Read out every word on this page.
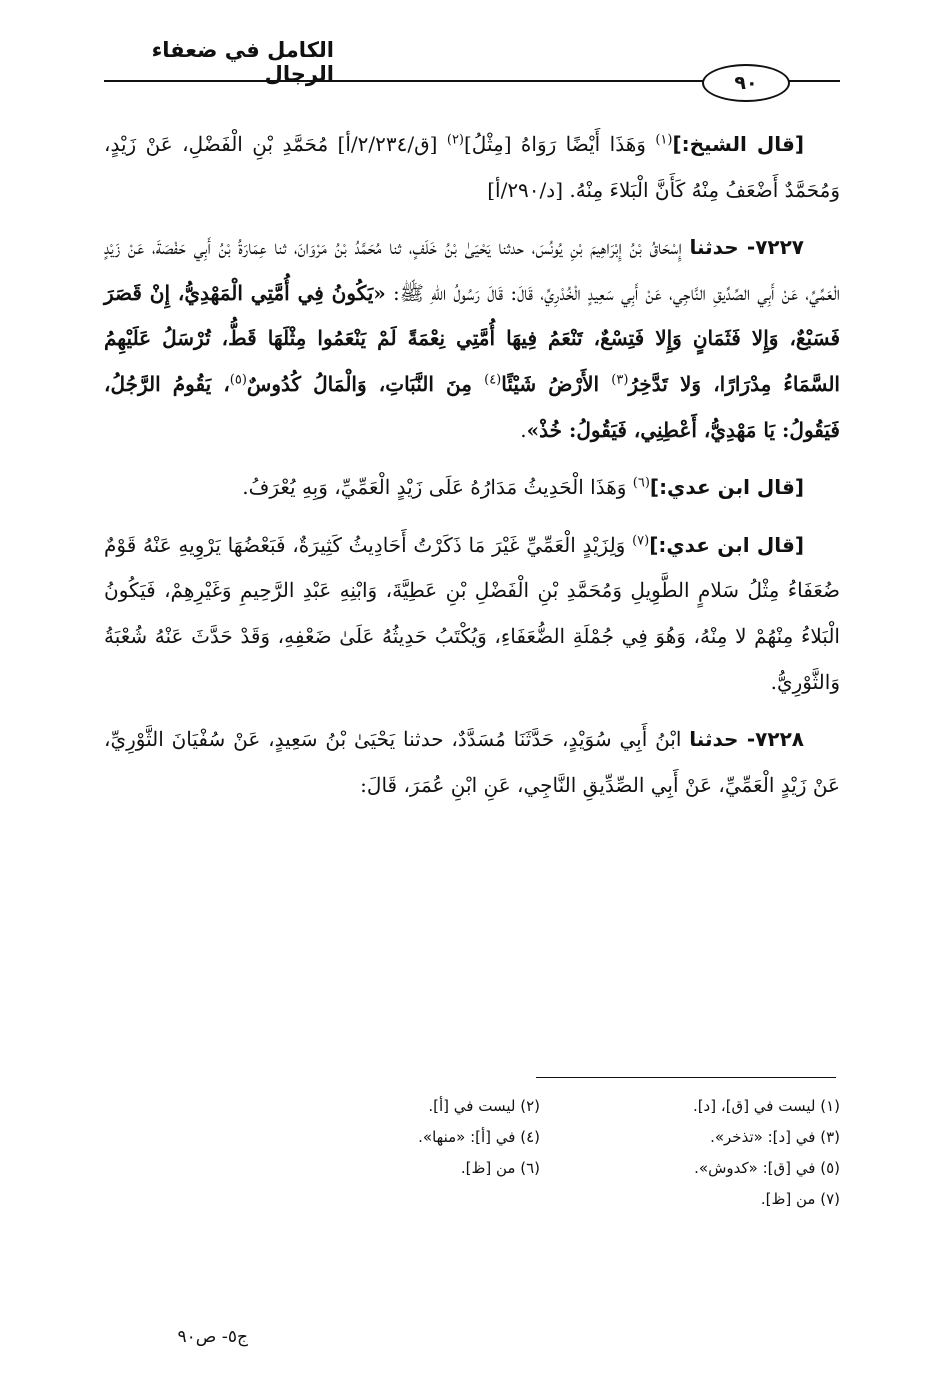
الكامل في ضعفاء الرجال	٩٠

[قال الشيخ:]$^{(١)}$ وَهَذَا أَيْضًا رَوَاهُ [مِثْلُ]$^{(٢)}$ [ق/٢/٢٣٤/أ] مُحَمَّدِ بْنِ الْفَضْلِ، عَنْ زَيْدٍ، وَمُحَمَّدٌ أَضْعَفُ مِنْهُ كَأَنَّ الْبَلاءَ مِنْهُ. [د/٢٩٠/أ]

٧٢٢٧- حدثنا إِسْحَاقُ بْنُ إِبْرَاهِيمَ بْنِ يُونُسَ، حدثنا يَحْيَىٰ بْنُ خَلَفٍ، ثنا مُحَمَّدُ بْنُ مَرْوَانَ، ثنا عِمَارَةُ بْنُ أَبِي حَفْصَةَ، عَنْ زَيْدٍ الْعَمِّيِّ، عَنْ أَبِي الصِّدِّيقِ النَّاجِي، عَنْ أَبِي سَعِيدٍ الْخُدْرِيِّ، قَالَ: قَالَ رَسُولُ اللهِ ﷺ: «يَكُونُ فِي أُمَّتِي الْمَهْدِيُّ، إِنْ قَصَرَ فَسَبْعٌ، وَإِلا فَثَمَانٍ وَإِلا فَتِسْعٌ، تَنْعَمُ فِيهَا أُمَّتِي نِعْمَةً لَمْ يَنْعَمُوا مِثْلَهَا قَطُّ، تُرْسَلُ عَلَيْهِمُ السَّمَاءُ مِدْرَارًا، وَلا تَدَّخِرُ$^{(٣)}$ الأَرْضُ شَيْئًا$^{(٤)}$ مِنَ النَّبَاتِ، وَالْمَالُ كُدُوسٌ$^{(٥)}$، يَقُومُ الرَّجُلُ، فَيَقُولُ: يَا مَهْدِيُّ، أَعْطِنِي، فَيَقُولُ: خُذْ».

[قال ابن عدي:]$^{(٦)}$ وَهَذَا الْحَدِيثُ مَدَارُهُ عَلَى زَيْدٍ الْعَمِّيِّ، وَبِهِ يُعْرَفُ.

[قال ابن عدي:]$^{(٧)}$ وَلِزَيْدٍ الْعَمِّيِّ غَيْرَ مَا ذَكَرْتُ أَحَادِيثُ كَثِيرَةٌ، فَبَعْضُهَا يَرْوِيهِ عَنْهُ قَوْمٌ ضُعَفَاءُ مِثْلُ سَلامٍ الطَّوِيلِ وَمُحَمَّدِ بْنِ الْفَضْلِ بْنِ عَطِيَّةَ، وَابْنِهِ عَبْدِ الرَّحِيمِ وَغَيْرِهِمْ، فَيَكُونُ الْبَلاءُ مِنْهُمْ لا مِنْهُ، وَهُوَ فِي جُمْلَةِ الضُّعَفَاءِ، وَيُكْتَبُ حَدِيثُهُ عَلَىٰ ضَعْفِهِ، وَقَدْ حَدَّثَ عَنْهُ شُعْبَةُ وَالثَّوْرِيُّ.

٧٢٢٨- حدثنا ابْنُ أَبِي سُوَيْدٍ، حَدَّثَنَا مُسَدَّدٌ، حدثنا يَحْيَىٰ بْنُ سَعِيدٍ، عَنْ سُفْيَانَ الثَّوْرِيِّ، عَنْ زَيْدٍ الْعَمِّيِّ، عَنْ أَبِي الصِّدِّيقِ النَّاجِي، عَنِ ابْنِ عُمَرَ، قَالَ:

(١) ليست في [ق]، [د].
(٢) ليست في [أ].
(٣) في [د]: «تذخر».
(٤) في [أ]: «منها».
(٥) في [ق]: «كدوش».
(٦) من [ظ].
(٧) من [ظ].
ج٥- ص٩٠
